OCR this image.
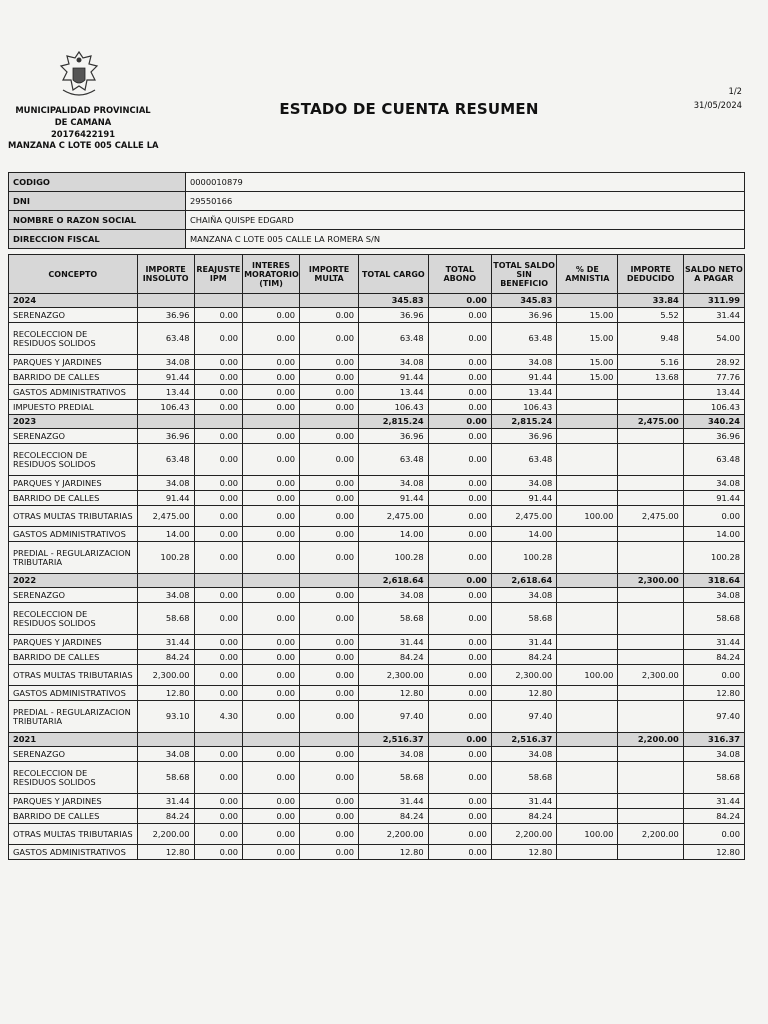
MUNICIPALIDAD PROVINCIAL
DE CAMANA
20176422191
MANZANA C LOTE 005 CALLE LA
ESTADO DE CUENTA RESUMEN
1/2
31/05/2024
CODIGO	0000010879
DNI	29550166
NOMBRE O RAZON SOCIAL	CHAIÑA QUISPE EDGARD
DIRECCION FISCAL	MANZANA C LOTE 005 CALLE LA ROMERA S/N
CONCEPTO	IMPORTE INSOLUTO	REAJUSTE IPM	INTERES MORATORIO (TIM)	IMPORTE MULTA	TOTAL CARGO	TOTAL ABONO	TOTAL SALDO SIN BENEFICIO	% DE AMNISTIA	IMPORTE DEDUCIDO	SALDO NETO A PAGAR
2024					345.83	0.00	345.83		33.84	311.99
SERENAZGO	36.96	0.00	0.00	0.00	36.96	0.00	36.96	15.00	5.52	31.44
RECOLECCION DE RESIDUOS SOLIDOS	63.48	0.00	0.00	0.00	63.48	0.00	63.48	15.00	9.48	54.00
PARQUES Y JARDINES	34.08	0.00	0.00	0.00	34.08	0.00	34.08	15.00	5.16	28.92
BARRIDO DE CALLES	91.44	0.00	0.00	0.00	91.44	0.00	91.44	15.00	13.68	77.76
GASTOS ADMINISTRATIVOS	13.44	0.00	0.00	0.00	13.44	0.00	13.44			13.44
IMPUESTO PREDIAL	106.43	0.00	0.00	0.00	106.43	0.00	106.43			106.43
2023					2,815.24	0.00	2,815.24		2,475.00	340.24
SERENAZGO	36.96	0.00	0.00	0.00	36.96	0.00	36.96			36.96
RECOLECCION DE RESIDUOS SOLIDOS	63.48	0.00	0.00	0.00	63.48	0.00	63.48			63.48
PARQUES Y JARDINES	34.08	0.00	0.00	0.00	34.08	0.00	34.08			34.08
BARRIDO DE CALLES	91.44	0.00	0.00	0.00	91.44	0.00	91.44			91.44
OTRAS MULTAS TRIBUTARIAS	2,475.00	0.00	0.00	0.00	2,475.00	0.00	2,475.00	100.00	2,475.00	0.00
GASTOS ADMINISTRATIVOS	14.00	0.00	0.00	0.00	14.00	0.00	14.00			14.00
PREDIAL - REGULARIZACION TRIBUTARIA	100.28	0.00	0.00	0.00	100.28	0.00	100.28			100.28
2022					2,618.64	0.00	2,618.64		2,300.00	318.64
SERENAZGO	34.08	0.00	0.00	0.00	34.08	0.00	34.08			34.08
RECOLECCION DE RESIDUOS SOLIDOS	58.68	0.00	0.00	0.00	58.68	0.00	58.68			58.68
PARQUES Y JARDINES	31.44	0.00	0.00	0.00	31.44	0.00	31.44			31.44
BARRIDO DE CALLES	84.24	0.00	0.00	0.00	84.24	0.00	84.24			84.24
OTRAS MULTAS TRIBUTARIAS	2,300.00	0.00	0.00	0.00	2,300.00	0.00	2,300.00	100.00	2,300.00	0.00
GASTOS ADMINISTRATIVOS	12.80	0.00	0.00	0.00	12.80	0.00	12.80			12.80
PREDIAL - REGULARIZACION TRIBUTARIA	93.10	4.30	0.00	0.00	97.40	0.00	97.40			97.40
2021					2,516.37	0.00	2,516.37		2,200.00	316.37
SERENAZGO	34.08	0.00	0.00	0.00	34.08	0.00	34.08			34.08
RECOLECCION DE RESIDUOS SOLIDOS	58.68	0.00	0.00	0.00	58.68	0.00	58.68			58.68
PARQUES Y JARDINES	31.44	0.00	0.00	0.00	31.44	0.00	31.44			31.44
BARRIDO DE CALLES	84.24	0.00	0.00	0.00	84.24	0.00	84.24			84.24
OTRAS MULTAS TRIBUTARIAS	2,200.00	0.00	0.00	0.00	2,200.00	0.00	2,200.00	100.00	2,200.00	0.00
GASTOS ADMINISTRATIVOS	12.80	0.00	0.00	0.00	12.80	0.00	12.80			12.80
